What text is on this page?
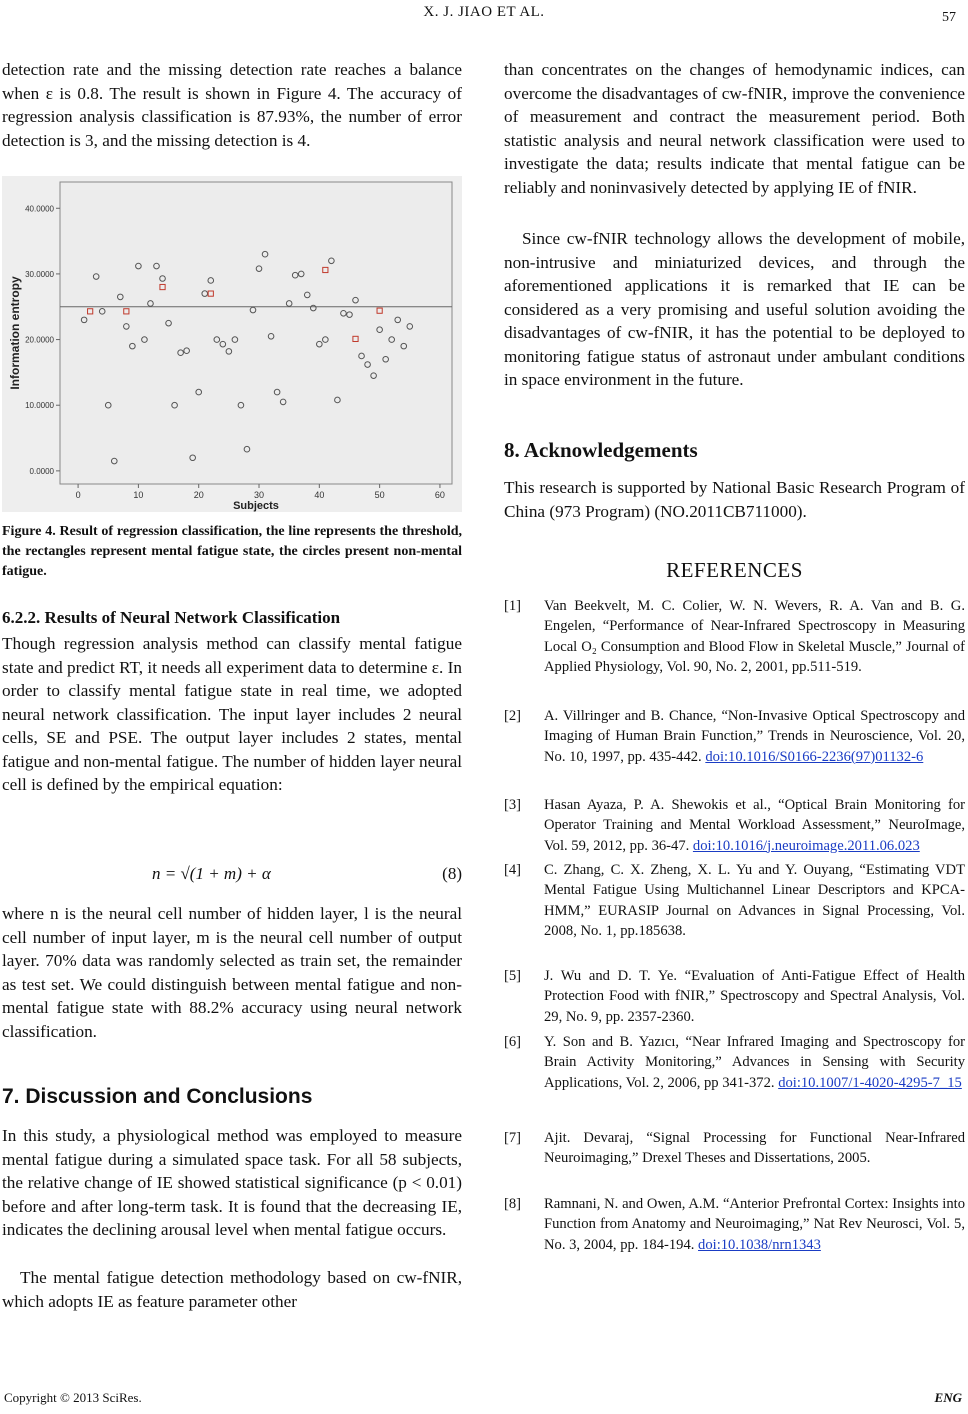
X. J. JIAO ET AL.	57

detection rate and the missing detection rate reaches a balance when ε is 0.8. The result is shown in Figure 4. The accuracy of regression analysis classification is 87.93%, the number of error detection is 3, and the missing detection is 4.

0.0000
10.0000
20.0000
30.0000
40.0000
0	10	20	30	40	50	60
Subjects
Information entropy
Figure 4. Result of regression classification, the line represents the threshold, the rectangles represent mental fatigue state, the circles present non-mental fatigue.
6.2.2. Results of Neural Network Classification

Though regression analysis method can classify mental fatigue state and predict RT, it needs all experiment data to determine ε. In order to classify mental fatigue state in real time, we adopted neural network classification. The input layer includes 2 neural cells, SE and PSE. The output layer includes 2 states, mental fatigue and non-mental fatigue. The number of hidden layer neural cell is defined by the empirical equation:

n = √(1 + m) + α	(8)

where n is the neural cell number of hidden layer, l is the neural cell number of input layer, m is the neural cell number of output layer. 70% data was randomly selected as train set, the remainder as test set. We could distinguish between mental fatigue and non-mental fatigue state with 88.2% accuracy using neural network classification.

7. Discussion and Conclusions

In this study, a physiological method was employed to measure mental fatigue during a simulated space task. For all 58 subjects, the relative change of IE showed statistical significance (p < 0.01) before and after long-term task. It is found that the decreasing IE, indicates the declining arousal level when mental fatigue occurs.

The mental fatigue detection methodology based on cw-fNIR, which adopts IE as feature parameter other

than concentrates on the changes of hemodynamic indices, can overcome the disadvantages of cw-fNIR, improve the convenience of measurement and contract the measurement period. Both statistic analysis and neural network classification were used to investigate the data; results indicate that mental fatigue can be reliably and noninvasively detected by applying IE of fNIR.

Since cw-fNIR technology allows the development of mobile, non-intrusive and miniaturized devices, and through the aforementioned applications it is remarked that IE can be considered as a very promising and useful solution avoiding the disadvantages of cw-fNIR, it has the potential to be deployed to monitoring fatigue status of astronaut under ambulant conditions in space environment in the future.

8. Acknowledgements

This research is supported by National Basic Research Program of China (973 Program) (NO.2011CB711000).

REFERENCES
[1] Van Beekvelt, M. C. Colier, W. N. Wevers, R. A. Van and B. G. Engelen, “Performance of Near-Infrared Spectroscopy in Measuring Local O₂ Consumption and Blood Flow in Skeletal Muscle,” Journal of Applied Physiology, Vol. 90, No. 2, 2001, pp.511-519.
[2] A. Villringer and B. Chance, “Non-Invasive Optical Spectroscopy and Imaging of Human Brain Function,” Trends in Neuroscience, Vol. 20, No. 10, 1997, pp. 435-442. doi:10.1016/S0166-2236(97)01132-6
[3] Hasan Ayaza, P. A. Shewokis et al., “Optical Brain Monitoring for Operator Training and Mental Workload Assessment,” NeuroImage, Vol. 59, 2012, pp. 36-47. doi:10.1016/j.neuroimage.2011.06.023
[4] C. Zhang, C. X. Zheng, X. L. Yu and Y. Ouyang, “Estimating VDT Mental Fatigue Using Multichannel Linear Descriptors and KPCA-HMM,” EURASIP Journal on Advances in Signal Processing, Vol. 2008, No. 1, pp.185638.
[5] J. Wu and D. T. Ye. “Evaluation of Anti-Fatigue Effect of Health Protection Food with fNIR,” Spectroscopy and Spectral Analysis, Vol. 29, No. 9, pp. 2357-2360.
[6] Y. Son and B. Yazıcı, “Near Infrared Imaging and Spectroscopy for Brain Activity Monitoring,” Advances in Sensing with Security Applications, Vol. 2, 2006, pp 341-372. doi:10.1007/1-4020-4295-7_15
[7] Ajit. Devaraj, “Signal Processing for Functional Near-Infrared Neuroimaging,” Drexel Theses and Dissertations, 2005.
[8] Ramnani, N. and Owen, A.M. “Anterior Prefrontal Cortex: Insights into Function from Anatomy and Neuroimaging,” Nat Rev Neurosci, Vol. 5, No. 3, 2004, pp. 184-194. doi:10.1038/nrn1343
Copyright © 2013 SciRes.	ENG
